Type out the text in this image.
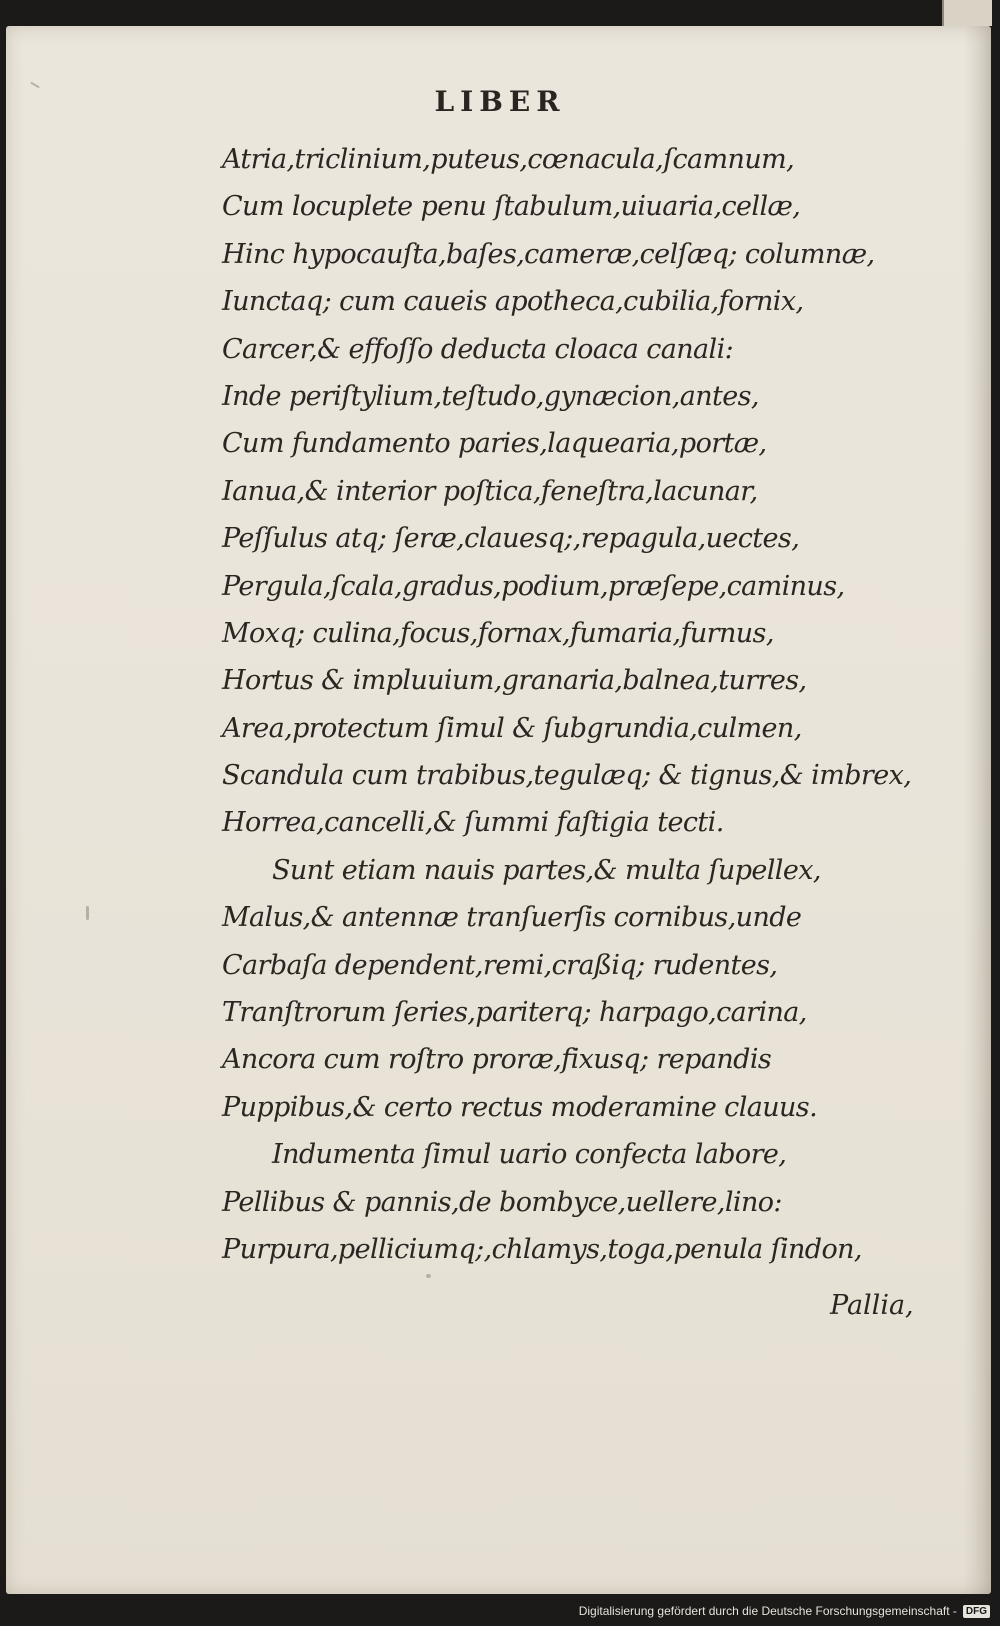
LIBER
Atria,triclinium,puteus,cœnacula,ſcamnum,
Cum locuplete penu ſtabulum,uiuaria,cellæ,
Hinc hypocauſta,baſes,cameræ,celſæq; columnæ,
Iunctaq; cum caueis apotheca,cubilia,fornix,
Carcer,& effoſſo deducta cloaca canali:
Inde periſtylium,teſtudo,gynæcion,antes,
Cum fundamento paries,laquearia,portæ,
Ianua,& interior poſtica,feneſtra,lacunar,
Peſſulus atq; ſeræ,clauesq;,repagula,uectes,
Pergula,ſcala,gradus,podium,præſepe,caminus,
Moxq; culina,focus,fornax,fumaria,furnus,
Hortus & impluuium,granaria,balnea,turres,
Area,protectum ſimul & ſubgrundia,culmen,
Scandula cum trabibus,tegulæq; & tignus,& imbrex,
Horrea,cancelli,& ſummi faſtigia tecti.
Sunt etiam nauis partes,& multa ſupellex,
Malus,& antennæ tranſuerſis cornibus,unde
Carbaſa dependent,remi,craßiq; rudentes,
Tranſtrorum ſeries,pariterq; harpago,carina,
Ancora cum roſtro proræ,fixusq; repandis
Puppibus,& certo rectus moderamine clauus.
Indumenta ſimul uario confecta labore,
Pellibus & pannis,de bombyce,uellere,lino:
Purpura,pelliciumq;,chlamys,toga,penula ſindon,
Pallia,
Digitalisierung gefördert durch die Deutsche Forschungsgemeinschaft - DFG
